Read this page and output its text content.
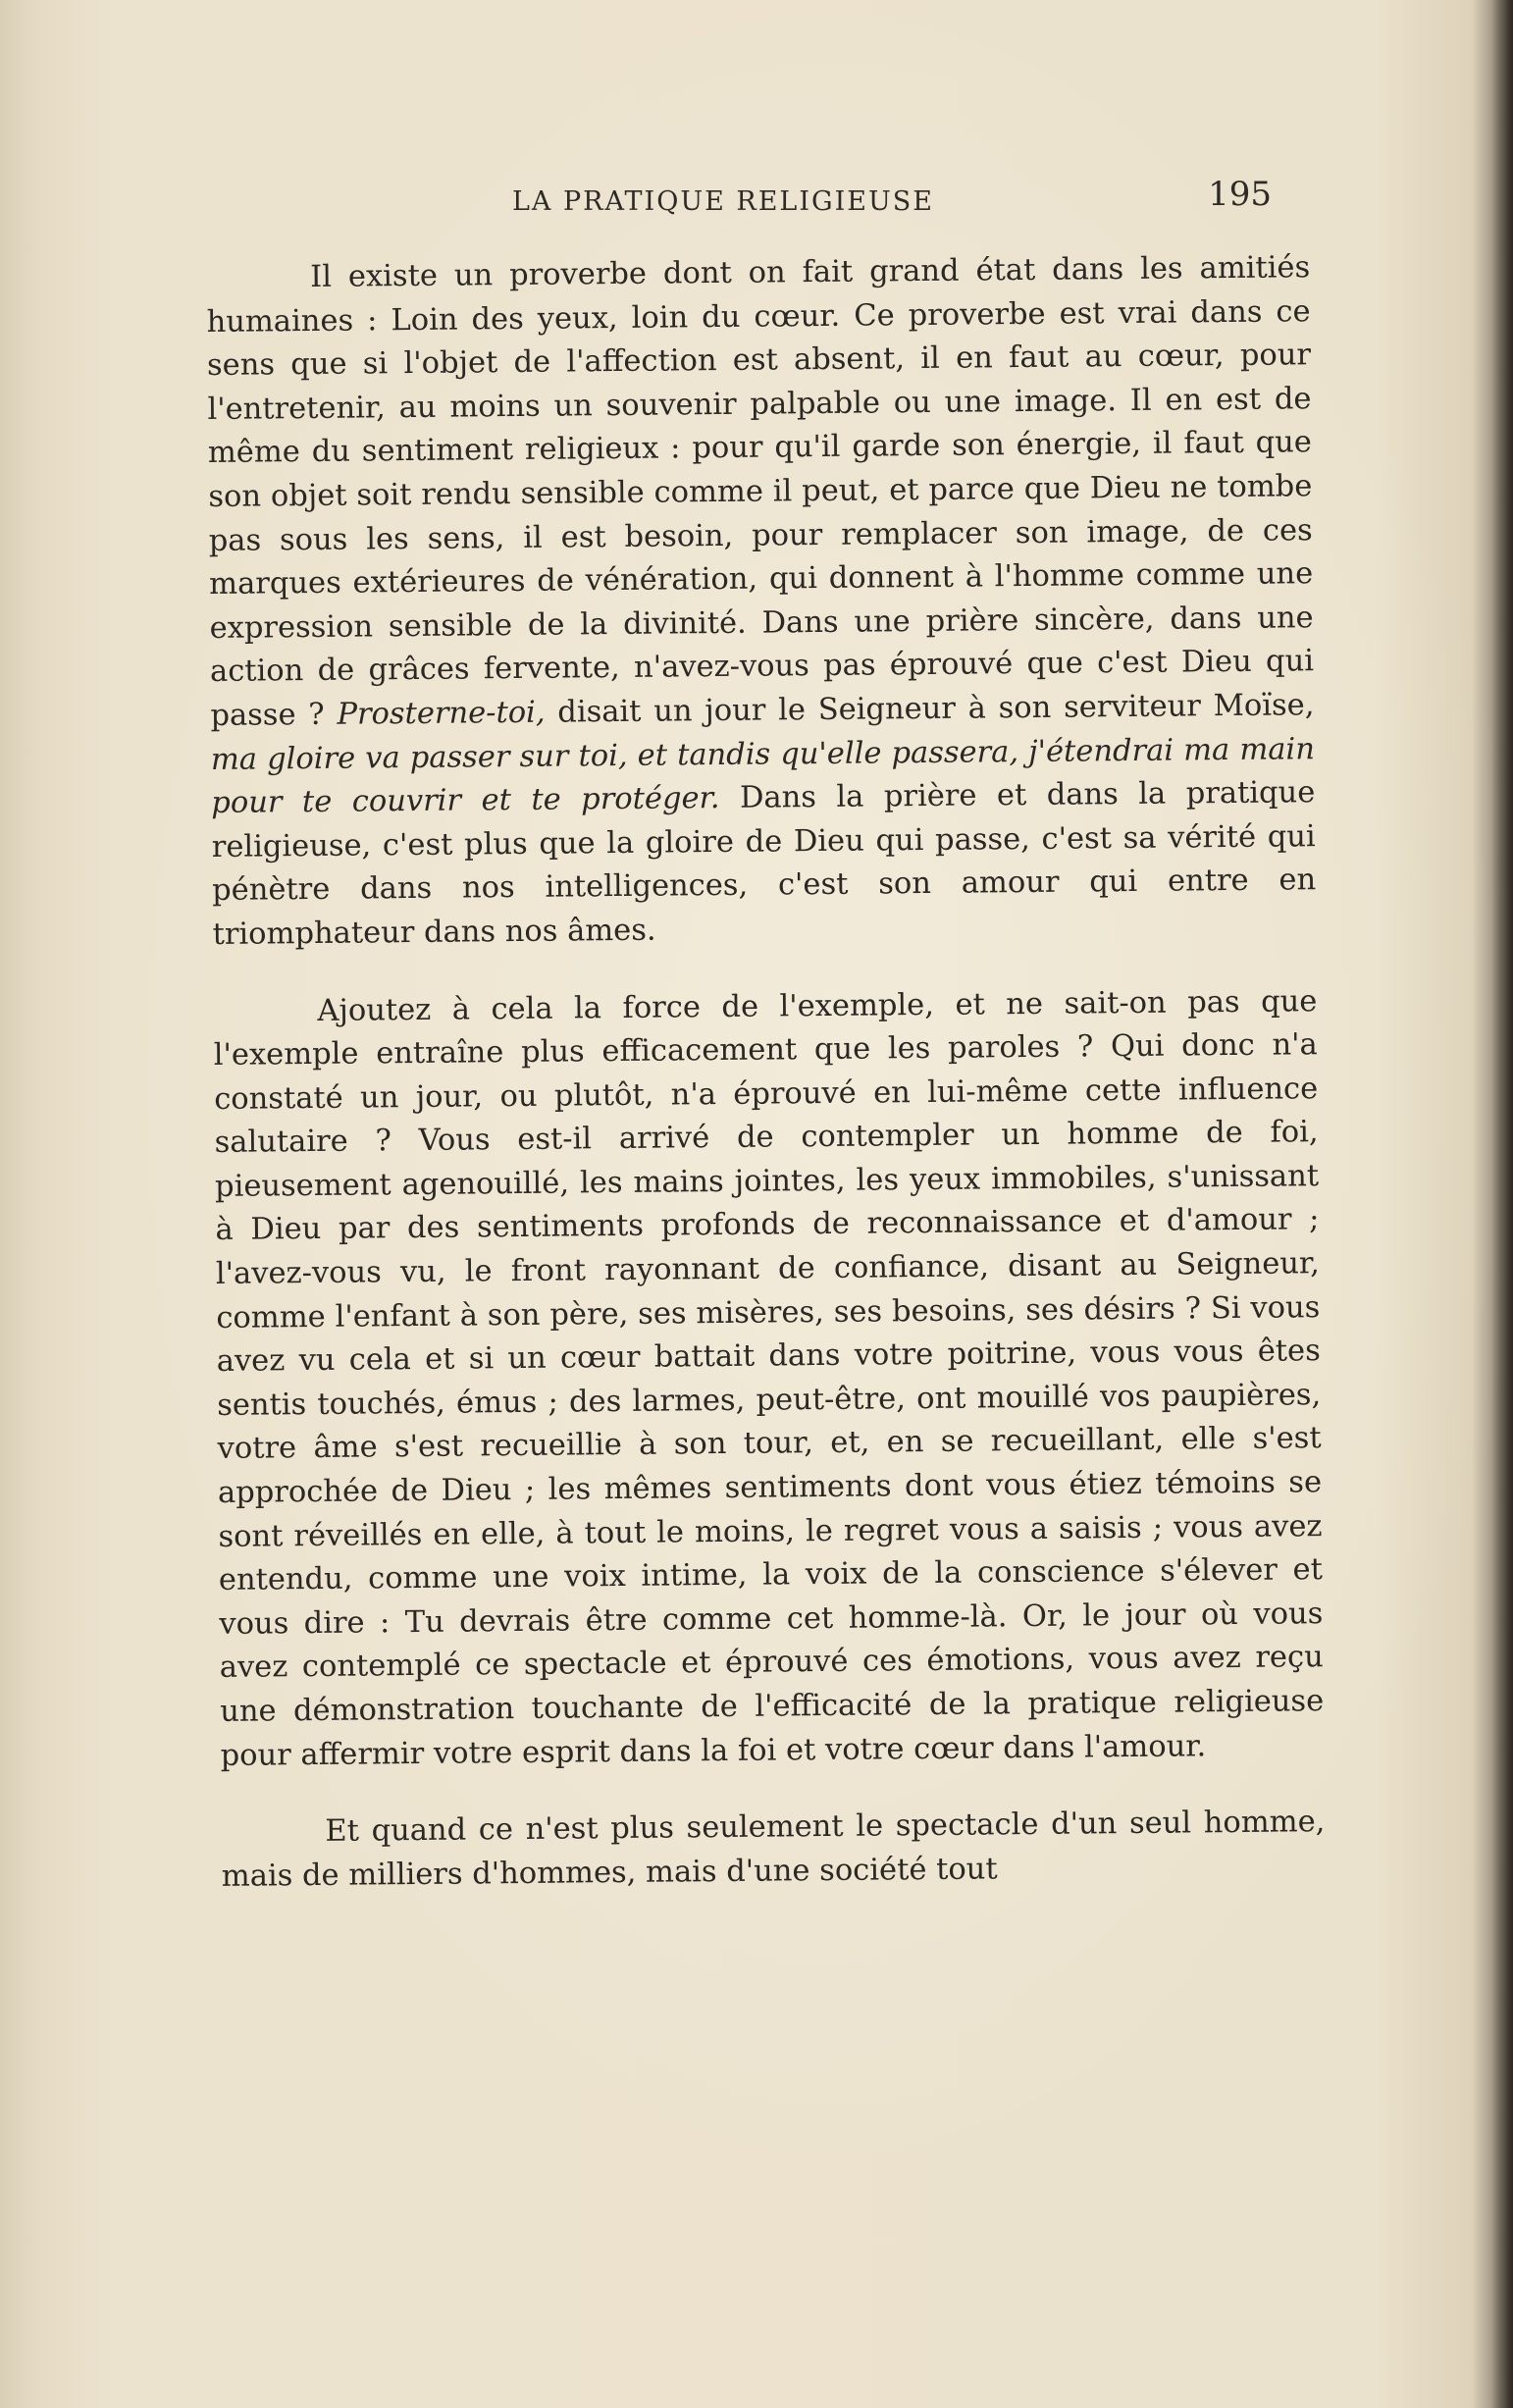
LA PRATIQUE RELIGIEUSE	195

Il existe un proverbe dont on fait grand état dans les amitiés humaines : Loin des yeux, loin du cœur. Ce proverbe est vrai dans ce sens que si l'objet de l'affection est absent, il en faut au cœur, pour l'entretenir, au moins un souvenir palpable ou une image. Il en est de même du sentiment religieux : pour qu'il garde son énergie, il faut que son objet soit rendu sensible comme il peut, et parce que Dieu ne tombe pas sous les sens, il est besoin, pour remplacer son image, de ces marques extérieures de vénération, qui donnent à l'homme comme une expression sensible de la divinité. Dans une prière sincère, dans une action de grâces fervente, n'avez-vous pas éprouvé que c'est Dieu qui passe ? Prosterne-toi, disait un jour le Seigneur à son serviteur Moïse, ma gloire va passer sur toi, et tandis qu'elle passera, j'étendrai ma main pour te couvrir et te protéger. Dans la prière et dans la pratique religieuse, c'est plus que la gloire de Dieu qui passe, c'est sa vérité qui pénètre dans nos intelligences, c'est son amour qui entre en triomphateur dans nos âmes.

Ajoutez à cela la force de l'exemple, et ne sait-on pas que l'exemple entraîne plus efficacement que les paroles ? Qui donc n'a constaté un jour, ou plutôt, n'a éprouvé en lui-même cette influence salutaire ? Vous est-il arrivé de contempler un homme de foi, pieusement agenouillé, les mains jointes, les yeux immobiles, s'unissant à Dieu par des sentiments profonds de reconnaissance et d'amour ; l'avez-vous vu, le front rayonnant de confiance, disant au Seigneur, comme l'enfant à son père, ses misères, ses besoins, ses désirs ? Si vous avez vu cela et si un cœur battait dans votre poitrine, vous vous êtes sentis touchés, émus ; des larmes, peut-être, ont mouillé vos paupières, votre âme s'est recueillie à son tour, et, en se recueillant, elle s'est approchée de Dieu ; les mêmes sentiments dont vous étiez témoins se sont réveillés en elle, à tout le moins, le regret vous a saisis ; vous avez entendu, comme une voix intime, la voix de la conscience s'élever et vous dire : Tu devrais être comme cet homme-là. Or, le jour où vous avez contemplé ce spectacle et éprouvé ces émotions, vous avez reçu une démonstration touchante de l'efficacité de la pratique religieuse pour affermir votre esprit dans la foi et votre cœur dans l'amour.

Et quand ce n'est plus seulement le spectacle d'un seul homme, mais de milliers d'hommes, mais d'une société tout
